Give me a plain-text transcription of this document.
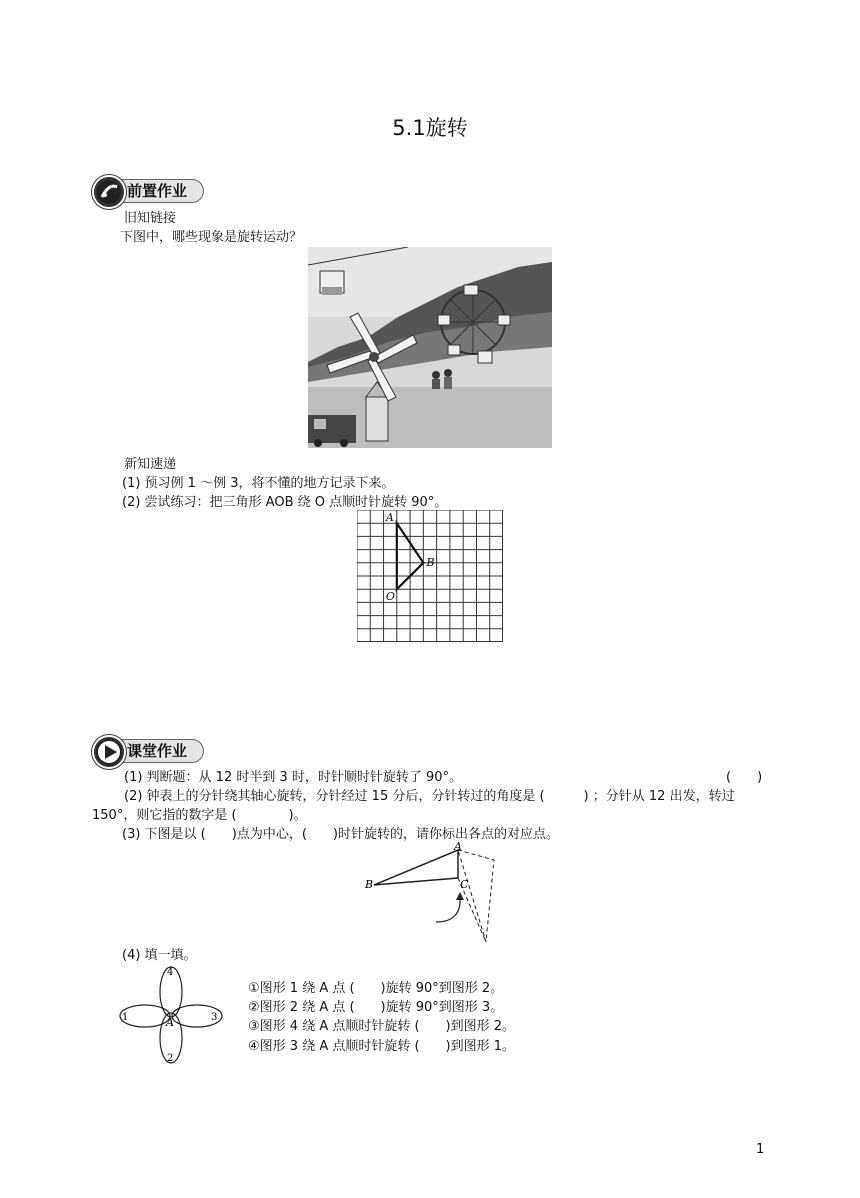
5.1旋转
前置作业
旧知链接
下图中，哪些现象是旋转运动？
新知速递
(1) 预习例 1 ～例 3，将不懂的地方记录下来。
(2) 尝试练习：把三角形 AOB 绕 O 点顺时针旋转 90°。
A
B
O
课堂作业
(1) 判断题：从 12 时半到 3 时，时针顺时针旋转了 90°。	(　　)
(2) 钟表上的分针绕其轴心旋转，分针经过 15 分后，分针转过的角度是 (　　　) ；分针从 12 出发，转过
150°，则它指的数字是 (　　　　)。
(3) 下图是以 (　　)点为中心，(　　)时针旋转的，请你标出各点的对应点。
B
A
C
(4) 填一填。
4
2
1	3
A
①图形 1 绕 A 点 (　　)旋转 90°到图形 2。
②图形 2 绕 A 点 (　　)旋转 90°到图形 3。
③图形 4 绕 A 点顺时针旋转 (　　)到图形 2。
④图形 3 绕 A 点顺时针旋转 (　　)到图形 1。
1
